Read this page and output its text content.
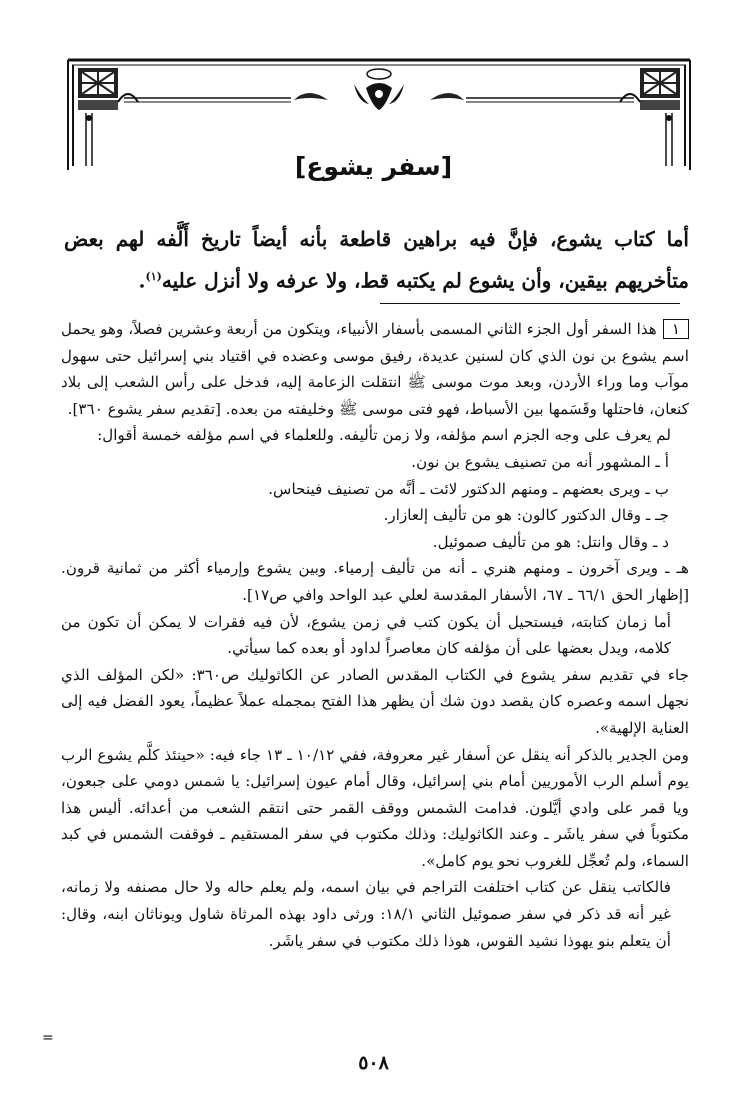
[سفر يشوع]
أما كتاب يشوع، فإنَّ فيه براهين قاطعة بأنه أيضاً تاريخ أَلَّفه لهم بعض متأخريهم بيقين، وأن يشوع لم يكتبه قط، ولا عرفه ولا أنزل عليه$^{(١)}$.

١هذا السفر أول الجزء الثاني المسمى بأسفار الأنبياء، ويتكون من أربعة وعشرين فصلاً، وهو يحمل اسم يشوع بن نون الذي كان لسنين عديدة، رفيق موسى وعضده في اقتياد بني إسرائيل حتى سهول موآب وما وراء الأردن، وبعد موت موسى ﷺ انتقلت الزعامة إليه، فدخل على رأس الشعب إلى بلاد كنعان، فاحتلها وقَسَمها بين الأسباط، فهو فتى موسى ﷺ وخليفته من بعده. [تقديم سفر يشوع ٣٦٠].

لم يعرف على وجه الجزم اسم مؤلفه، ولا زمن تأليفه. وللعلماء في اسم مؤلفه خمسة أقوال:

أ ـ المشهور أنه من تصنيف يشوع بن نون.

ب ـ ويرى بعضهم ـ ومنهم الدكتور لائت ـ أنَّه من تصنيف فينحاس.

جـ ـ وقال الدكتور كالون: هو من تأليف إلعازار.

د ـ وقال وانتل: هو من تأليف صموئيل.

هـ ـ ويرى آخرون ـ ومنهم هنري ـ أنه من تأليف إرمياء. وبين يشوع وإرمياء أكثر من ثمانية قرون. [إظهار الحق ٦٦/١ ـ ٦٧، الأسفار المقدسة لعلي عبد الواحد وافي ص١٧].

أما زمان كتابته، فيستحيل أن يكون كتب في زمن يشوع، لأن فيه فقرات لا يمكن أن تكون من كلامه، ويدل بعضها على أن مؤلفه كان معاصراً لداود أو بعده كما سيأتي.

جاء في تقديم سفر يشوع في الكتاب المقدس الصادر عن الكاثوليك ص٣٦٠: «لكن المؤلف الذي نجهل اسمه وعصره كان يقصد دون شك أن يظهر هذا الفتح بمجمله عملاً عظيماً، يعود الفضل فيه إلى العناية الإلهية».

ومن الجدير بالذكر أنه ينقل عن أسفار غير معروفة، ففي ١٠/١٢ ـ ١٣ جاء فيه: «حينئذ كلَّم يشوع الرب يوم أسلم الرب الأموريين أمام بني إسرائيل، وقال أمام عيون إسرائيل: يا شمس دومي على جبعون، ويا قمر على وادي أيَّلون. فدامت الشمس ووقف القمر حتى انتقم الشعب من أعدائه. أليس هذا مكتوباً في سفر ياشَر ـ وعند الكاثوليك: وذلك مكتوب في سفر المستقيم ـ فوقفت الشمس في كبد السماء، ولم تُعجِّل للغروب نحو يوم كامل».

فالكاتب ينقل عن كتاب اختلفت التراجم في بيان اسمه، ولم يعلم حاله ولا حال مصنفه ولا زمانه، غير أنه قد ذكر في سفر صموئيل الثاني ١٨/١: ورثى داود بهذه المرثاة شاول ويوناثان ابنه، وقال: أن يتعلم بنو يهوذا نشيد القوس، هوذا ذلك مكتوب في سفر ياشَر.

=
٥٠٨
